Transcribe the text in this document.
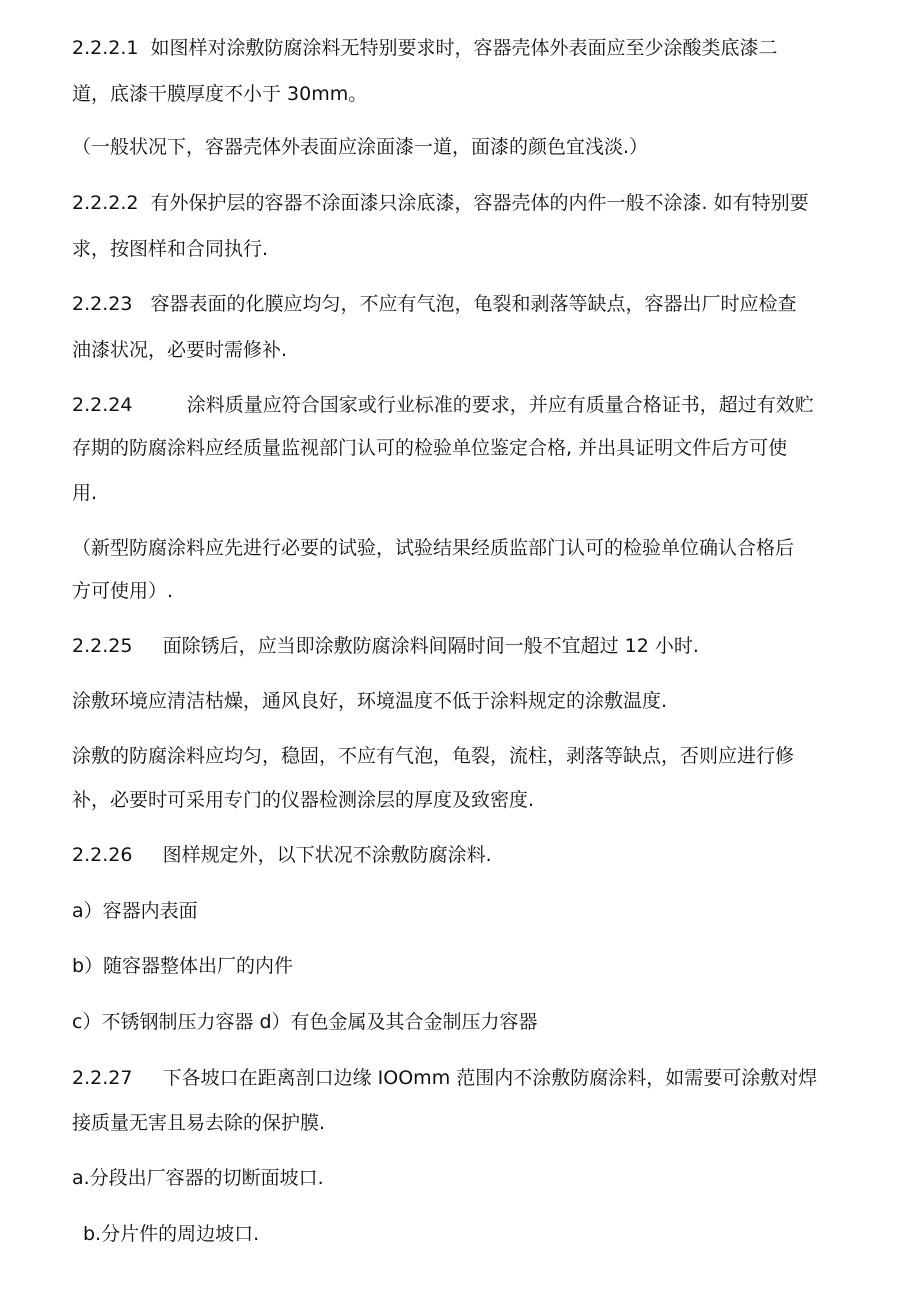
2.2.2.1  如图样对涂敷防腐涂料无特别要求时，容器壳体外表面应至少涂酸类底漆二
道，底漆干膜厚度不小于 30mm。
（一般状况下，容器壳体外表面应涂面漆一道，面漆的颜色宜浅淡.）
2.2.2.2  有外保护层的容器不涂面漆只涂底漆，容器壳体的内件一般不涂漆. 如有特别要
求，按图样和合同执行.
2.2.23   容器表面的化膜应均匀，不应有气泡，龟裂和剥落等缺点，容器出厂时应检查
油漆状况，必要时需修补.
2.2.24         涂料质量应符合国家或行业标准的要求，并应有质量合格证书，超过有效贮
存期的防腐涂料应经质量监视部门认可的检验单位鉴定合格, 并出具证明文件后方可使
用.
（新型防腐涂料应先进行必要的试验，试验结果经质监部门认可的检验单位确认合格后
方可使用）.
2.2.25     面除锈后，应当即涂敷防腐涂料间隔时间一般不宜超过 12 小时.
涂敷环境应清洁枯燥，通风良好，环境温度不低于涂料规定的涂敷温度.
涂敷的防腐涂料应均匀，稳固，不应有气泡，龟裂，流柱，剥落等缺点，否则应进行修
补，必要时可采用专门的仪器检测涂层的厚度及致密度.
2.2.26     图样规定外，以下状况不涂敷防腐涂料.
a）容器内表面
b）随容器整体出厂的内件
c）不锈钢制压力容器 d）有色金属及其合金制压力容器
2.2.27     下各坡口在距离剖口边缘 IOOmm 范围内不涂敷防腐涂料，如需要可涂敷对焊
接质量无害且易去除的保护膜.
a.分段出厂容器的切断面坡口.
b.分片件的周边坡口.
